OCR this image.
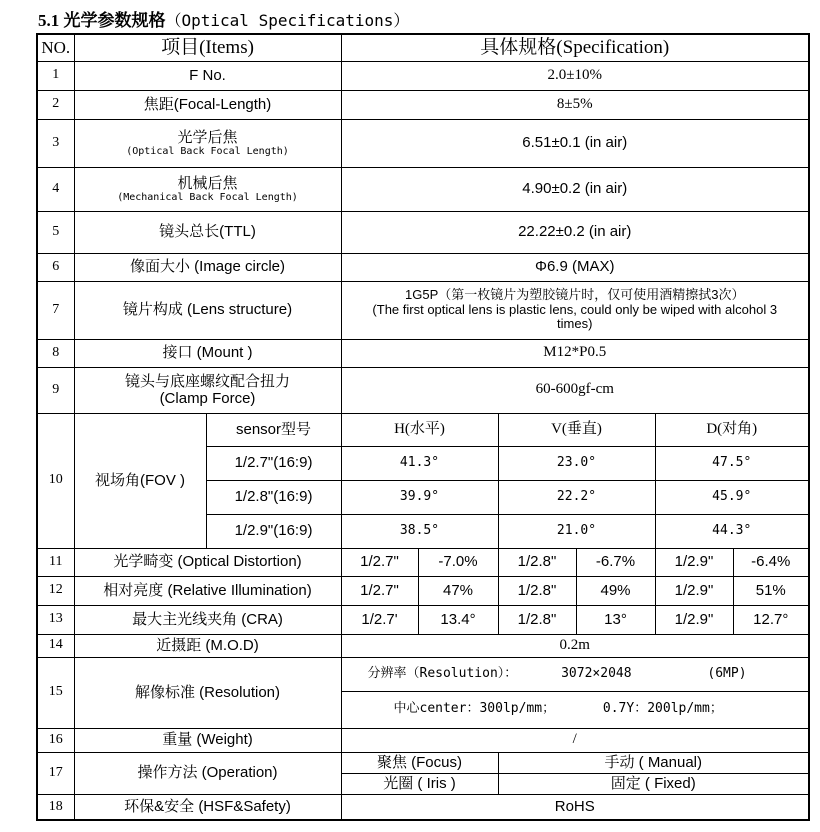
5.1 光学参数规格（Optical Specifications）
NO.	项目(Items)		具体规格(Specification)					
1	F No.		2.0±10%					
2	焦距(Focal-Length)		8±5%					
3	光学后焦
(Optical Back Focal Length)		6.51±0.1 (in air)					
4	机械后焦
(Mechanical Back Focal Length)		4.90±0.2 (in air)					
5	镜头总长(TTL)		22.22±0.2 (in air)					
6	像面大小 (Image circle)		Φ6.9 (MAX)					
7	镜片构成 (Lens structure)		1G5P（第一枚镜片为塑胶镜片时，仅可使用酒精擦拭3次）
(The first optical lens is plastic lens, could only be wiped with alcohol 3 times)					

8	接口 (Mount )		M12*P0.5					
9	镜头与底座螺纹配合扭力
(Clamp Force)		60-600gf-cm					
10	视场角(FOV )	sensor型号	H(水平)		V(垂直)		D(对角)	
		1/2.7"(16:9)	41.3°		23.0°		47.5°	
		1/2.8"(16:9)	39.9°		22.2°		45.9°	
		1/2.9"(16:9)	38.5°		21.0°		44.3°	
11	光学畸变 (Optical Distortion)		1/2.7"	-7.0%	1/2.8"	-6.7%	1/2.9"	-6.4%
12	相对亮度 (Relative Illumination)		1/2.7"	47%	1/2.8"	49%	1/2.9"	51%
13	最大主光线夹角 (CRA)		1/2.7'	13.4°	1/2.8"	13°	1/2.9"	12.7°
14	近摄距 (M.O.D)		0.2m					
15	解像标准 (Resolution)		分辨率（Resolution）： 3072×2048 (6MP)					
			中心center：300lp/mm； 0.7Y：200lp/mm；					
16	重量 (Weight)		/					
17	操作方法 (Operation)		聚焦 (Focus)		手动 ( Manual)			
			光圈 ( Iris )		固定 ( Fixed)			
18	环保&安全 (HSF&Safety)		RoHS					
